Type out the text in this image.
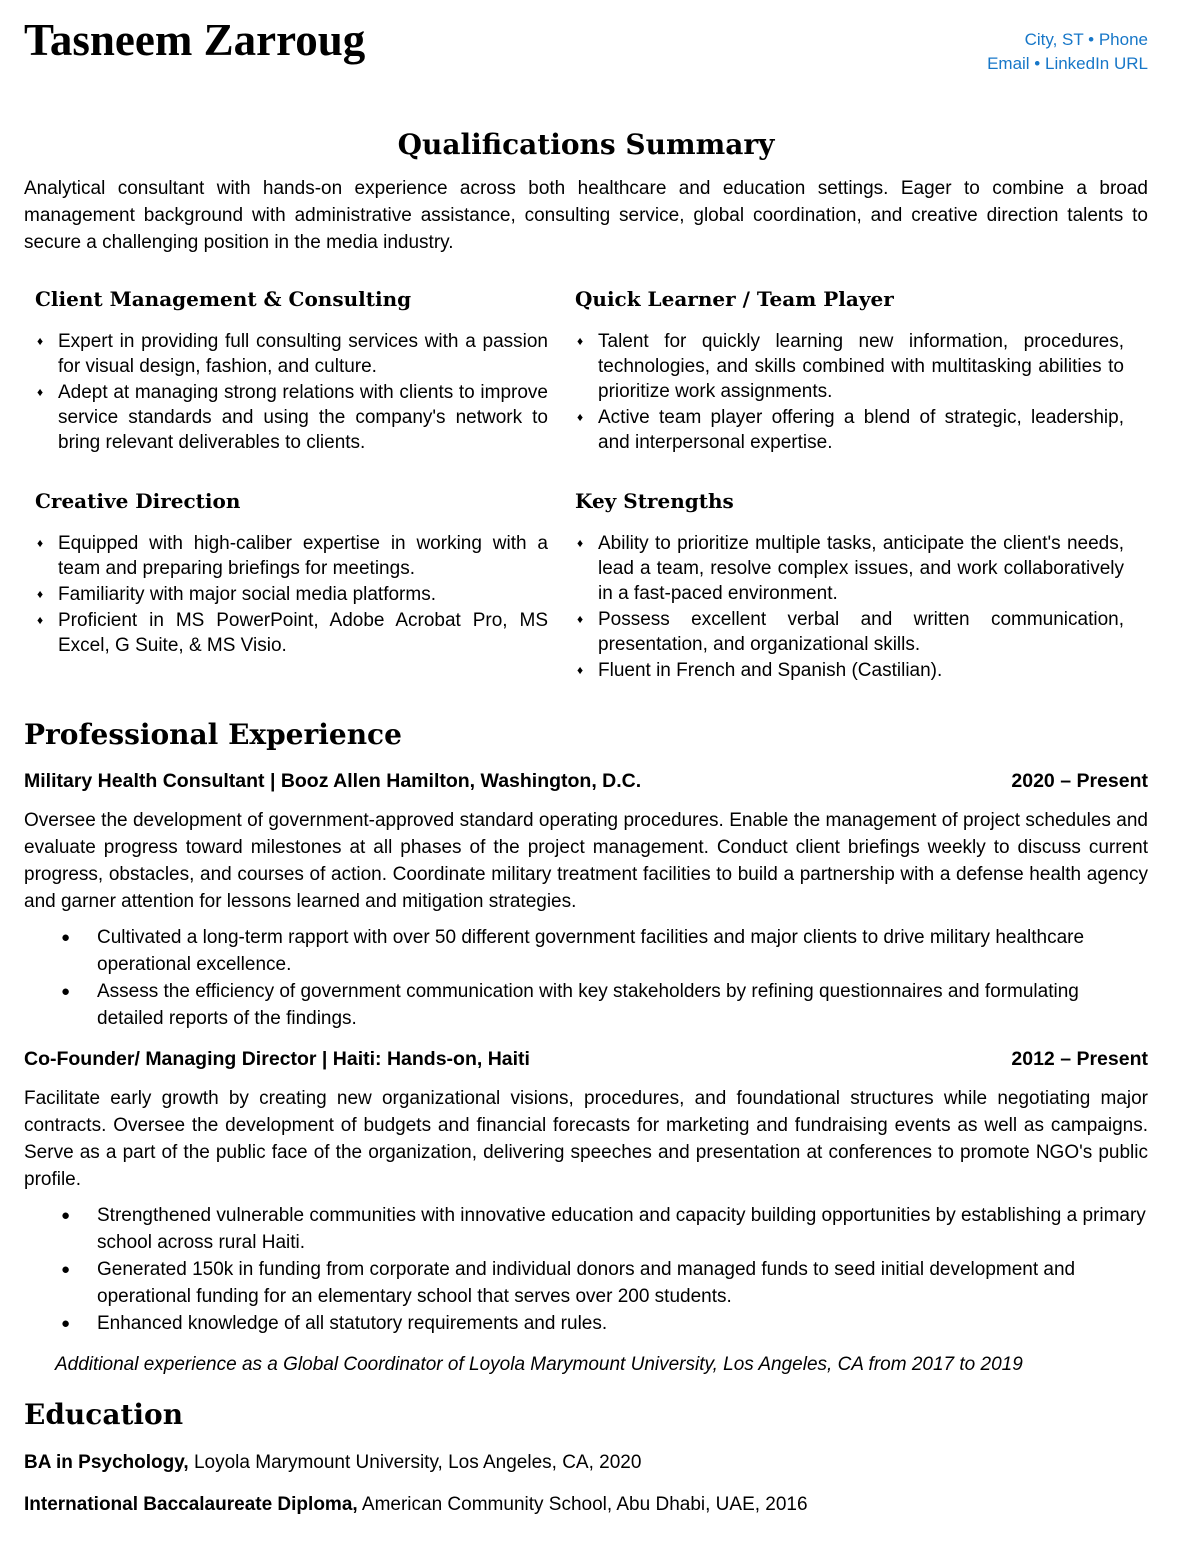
Tasneem Zarroug	City, ST • Phone
Email • LinkedIn URL
Qualifications Summary

Analytical consultant with hands-on experience across both healthcare and education settings. Eager to combine a broad management background with administrative assistance, consulting service, global coordination, and creative direction talents to secure a challenging position in the media industry.

Client Management & Consulting
♦ Expert in providing full consulting services with a passion for visual design, fashion, and culture.
♦ Adept at managing strong relations with clients to improve service standards and using the company's network to bring relevant deliverables to clients.
Creative Direction
♦ Equipped with high-caliber expertise in working with a team and preparing briefings for meetings.
♦ Familiarity with major social media platforms.
♦ Proficient in MS PowerPoint, Adobe Acrobat Pro, MS Excel, G Suite, & MS Visio.
Quick Learner / Team Player
♦ Talent for quickly learning new information, procedures, technologies, and skills combined with multitasking abilities to prioritize work assignments.
♦ Active team player offering a blend of strategic, leadership, and interpersonal expertise.
Key Strengths
♦ Ability to prioritize multiple tasks, anticipate the client's needs, lead a team, resolve complex issues, and work collaboratively in a fast-paced environment.
♦ Possess excellent verbal and written communication, presentation, and organizational skills.
♦ Fluent in French and Spanish (Castilian).
Professional Experience
Military Health Consultant | Booz Allen Hamilton, Washington, D.C.	2020 – Present

Oversee the development of government-approved standard operating procedures. Enable the management of project schedules and evaluate progress toward milestones at all phases of the project management. Conduct client briefings weekly to discuss current progress, obstacles, and courses of action. Coordinate military treatment facilities to build a partnership with a defense health agency and garner attention for lessons learned and mitigation strategies.

●	Cultivated a long-term rapport with over 50 different government facilities and major clients to drive military healthcare operational excellence.
●	Assess the efficiency of government communication with key stakeholders by refining questionnaires and formulating detailed reports of the findings.
Co-Founder/ Managing Director | Haiti: Hands-on, Haiti	2012 – Present

Facilitate early growth by creating new organizational visions, procedures, and foundational structures while negotiating major contracts. Oversee the development of budgets and financial forecasts for marketing and fundraising events as well as campaigns. Serve as a part of the public face of the organization, delivering speeches and presentation at conferences to promote NGO's public profile.

●	Strengthened vulnerable communities with innovative education and capacity building opportunities by establishing a primary school across rural Haiti.
●	Generated 150k in funding from corporate and individual donors and managed funds to seed initial development and operational funding for an elementary school that serves over 200 students.
●	Enhanced knowledge of all statutory requirements and rules.
Additional experience as a Global Coordinator of Loyola Marymount University, Los Angeles, CA from 2017 to 2019
Education
BA in Psychology, Loyola Marymount University, Los Angeles, CA, 2020
International Baccalaureate Diploma, American Community School, Abu Dhabi, UAE, 2016
